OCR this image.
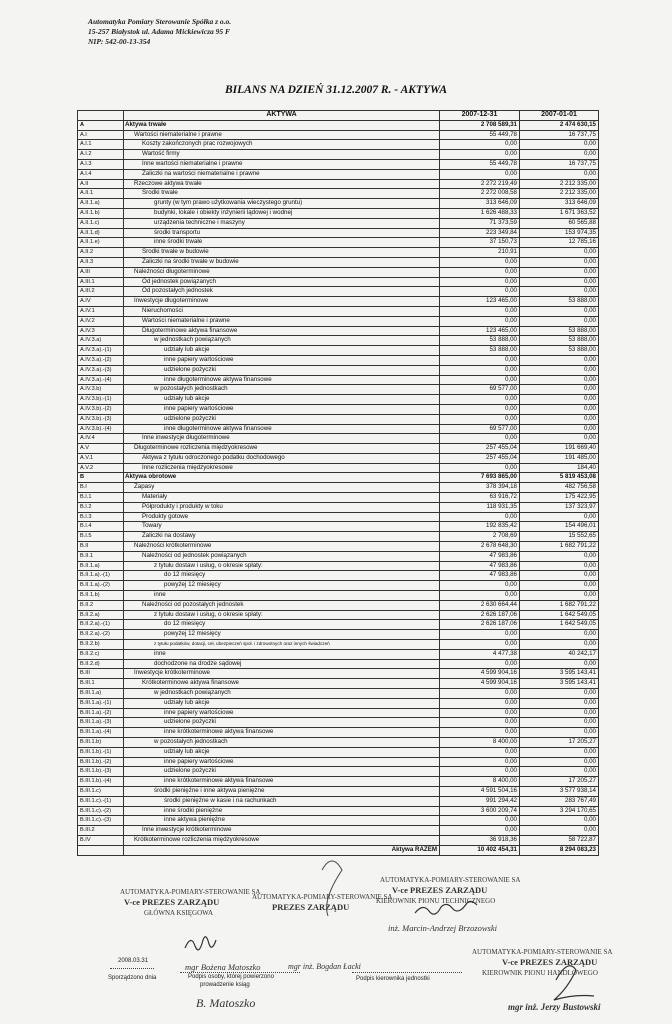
Automatyka Pomiary Sterowanie Spółka z o.o.
15-257 Białystok ul. Adama Mickiewicza 95 F
NIP: 542-00-13-354
BILANS NA DZIEŃ 31.12.2007 R. - AKTYWA
	AKTYWA	2007-12-31	2007-01-01
A	Aktywa trwałe	2 708 589,31	2 474 630,15
A.I	Wartości niematerialne i prawne	55 449,78	16 737,75
A.I.1	Koszty zakończonych prac rozwojowych	0,00	0,00
A.I.2	Wartość firmy	0,00	0,00
A.I.3	Inne wartości niematerialne i prawne	55 449,78	16 737,75
A.I.4	Zaliczki na wartości niematerialne i prawne	0,00	0,00
A.II	Rzeczowe aktywa trwałe	2 272 219,49	2 212 335,00
A.II.1	Środki trwałe	2 272 008,58	2 212 335,00
A.II.1.a)	grunty (w tym prawo użytkowania wieczystego gruntu)	313 646,09	313 646,09
A.II.1.b)	budynki, lokale i obiekty inżynierii lądowej i wodnej	1 626 488,33	1 671 363,52
A.II.1.c)	urządzenia techniczne i maszyny	71 373,59	60 565,88
A.II.1.d)	środki transportu	223 349,84	153 974,35
A.II.1.e)	inne środki trwałe	37 150,73	12 785,16
A.II.2	Środki trwałe w budowie	210,91	0,00
A.II.3	Zaliczki na środki trwałe w budowie	0,00	0,00
A.III	Należności długoterminowe	0,00	0,00
A.III.1	Od jednostek powiązanych	0,00	0,00
A.III.2	Od pozostałych jednostek	0,00	0,00
A.IV	Inwestycje długoterminowe	123 465,00	53 888,00
A.IV.1	Nieruchomości	0,00	0,00
A.IV.2	Wartości niematerialne i prawne	0,00	0,00
A.IV.3	Długoterminowe aktywa finansowe	123 465,00	53 888,00
A.IV.3.a)	w jednostkach powiązanych	53 888,00	53 888,00
A.IV.3.a).-(1)	udziały lub akcje	53 888,00	53 888,00
A.IV.3.a).-(2)	inne papiery wartościowe	0,00	0,00
A.IV.3.a).-(3)	udzielone pożyczki	0,00	0,00
A.IV.3.a).-(4)	inne długoterminowe aktywa finansowe	0,00	0,00
A.IV.3.b)	w pozostałych jednostkach	69 577,00	0,00
A.IV.3.b).-(1)	udziały lub akcje	0,00	0,00
A.IV.3.b).-(2)	inne papiery wartościowe	0,00	0,00
A.IV.3.b).-(3)	udzielone pożyczki	0,00	0,00
A.IV.3.b).-(4)	inne długoterminowe aktywa finansowe	69 577,00	0,00
A.IV.4	Inne inwestycje długoterminowe	0,00	0,00
A.V	Długoterminowe rozliczenia międzyokresowe	257 455,04	191 669,40
A.V.1	Aktywa z tytułu odroczonego podatku dochodowego	257 455,04	191 485,00
A.V.2	Inne rozliczenia międzyokresowe	0,00	184,40
B	Aktywa obrotowe	7 693 865,00	5 819 453,08
B.I	Zapasy	378 394,18	482 756,58
B.I.1	Materiały	63 916,72	175 422,95
B.I.2	Półprodukty i produkty w toku	118 931,35	137 323,97
B.I.3	Produkty gotowe	0,00	0,00
B.I.4	Towary	192 835,42	154 496,01
B.I.5	Zaliczki na dostawy	2 708,69	15 552,65
B.II	Należności krótkoterminowe	2 678 648,30	1 682 791,22
B.II.1	Należności od jednostek powiązanych	47 983,86	0,00
B.II.1.a)	z tytułu dostaw i usług, o okresie spłaty:	47 983,86	0,00
B.II.1.a).-(1)	do 12 miesięcy	47 983,86	0,00
B.II.1.a).-(2)	powyżej 12 miesięcy	0,00	0,00
B.II.1.b)	inne	0,00	0,00
B.II.2	Należności od pozostałych jednostek	2 630 664,44	1 682 791,22
B.II.2.a)	z tytułu dostaw i usług, o okresie spłaty:	2 626 187,06	1 642 549,05
B.II.2.a).-(1)	do 12 miesięcy	2 626 187,06	1 642 549,05
B.II.2.a).-(2)	powyżej 12 miesięcy	0,00	0,00
B.II.2.b)	z tytułu podatków, dotacji, ceł, ubezpieczeń społ. i zdrowotnych oraz innych świadczeń	0,00	0,00
B.II.2.c)	inne	4 477,38	40 242,17
B.II.2.d)	dochodzone na drodze sądowej	0,00	0,00
B.III	Inwestycje krótkoterminowe	4 599 904,16	3 595 143,41
B.III.1	Krótkoterminowe aktywa finansowe	4 599 904,16	3 595 143,41
B.III.1.a)	w jednostkach powiązanych	0,00	0,00
B.III.1.a).-(1)	udziały lub akcje	0,00	0,00
B.III.1.a).-(2)	inne papiery wartościowe	0,00	0,00
B.III.1.a).-(3)	udzielone pożyczki	0,00	0,00
B.III.1.a).-(4)	inne krótkoterminowe aktywa finansowe	0,00	0,00
B.III.1.b)	w pozostałych jednostkach	8 400,00	17 205,27
B.III.1.b).-(1)	udziały lub akcje	0,00	0,00
B.III.1.b).-(2)	inne papiery wartościowe	0,00	0,00
B.III.1.b).-(3)	udzielone pożyczki	0,00	0,00
B.III.1.b).-(4)	inne krótkoterminowe aktywa finansowe	8 400,00	17 205,27
B.III.1.c)	środki pieniężne i inne aktywa pieniężne	4 591 504,16	3 577 938,14
B.III.1.c).-(1)	środki pieniężne w kasie i na rachunkach	991 294,42	283 767,49
B.III.1.c).-(2)	inne środki pieniężne	3 600 209,74	3 294 170,65
B.III.1.c).-(3)	inne aktywa pieniężne	0,00	0,00
B.III.2	Inne inwestycje krótkoterminowe	0,00	0,00
B.IV	Krótkoterminowe rozliczenia międzyokresowe	36 918,36	58 722,87
	Aktywa RAZEM	10 402 454,31	8 294 083,23
AUTOMATYKA-POMIARY-STEROWANIE SA
V-ce PREZES ZARZĄDU
GŁÓWNA KSIĘGOWA
AUTOMATYKA-POMIARY-STEROWANIE SA
PREZES ZARZĄDU
AUTOMATYKA-POMIARY-STEROWANIE SA
V-ce PREZES ZARZĄDU
KIEROWNIK PIONU TECHNICZNEGO
AUTOMATYKA-POMIARY-STEROWANIE SA
V-ce PREZES ZARZĄDU
KIEROWNIK PIONU HANDLOWEGO
2008.03.31
Sporządzono dnia
mgr Bożena Matoszko
Podpis osoby, której powierzono
prowadzenie ksiąg
B. Matoszko
mgr inż. Bogdan Łacki
inż. Marcin-Andrzej Brzozowski
Podpis kierownika jednostki
mgr inż. Jerzy Bustowski
